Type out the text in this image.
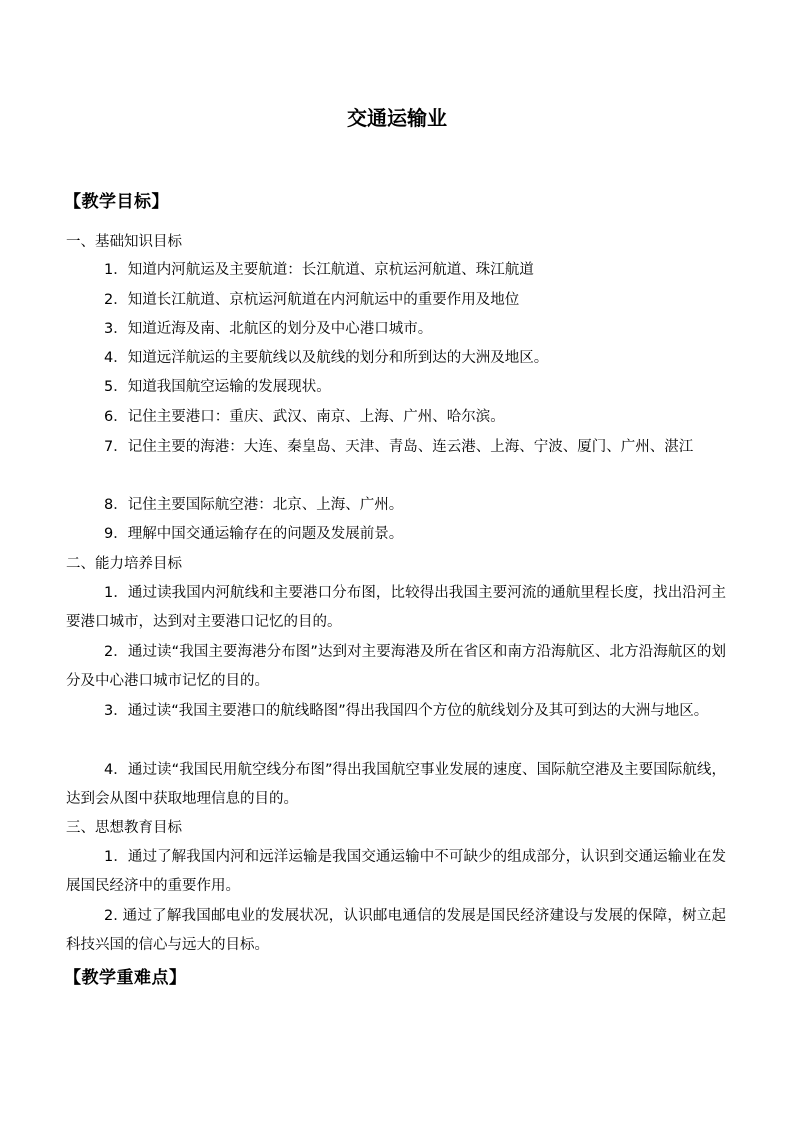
交通运输业
【教学目标】
一、基础知识目标
1．知道内河航运及主要航道：长江航道、京杭运河航道、珠江航道
2．知道长江航道、京杭运河航道在内河航运中的重要作用及地位
3．知道近海及南、北航区的划分及中心港口城市。
4．知道远洋航运的主要航线以及航线的划分和所到达的大洲及地区。
5．知道我国航空运输的发展现状。
6．记住主要港口：重庆、武汉、南京、上海、广州、哈尔滨。
7．记住主要的海港：大连、秦皇岛、天津、青岛、连云港、上海、宁波、厦门、广州、湛江
8．记住主要国际航空港：北京、上海、广州。
9．理解中国交通运输存在的问题及发展前景。
二、能力培养目标
1．通过读我国内河航线和主要港口分布图，比较得出我国主要河流的通航里程长度，找出沿河主要港口城市，达到对主要港口记忆的目的。
2．通过读“我国主要海港分布图”达到对主要海港及所在省区和南方沿海航区、北方沿海航区的划分及中心港口城市记忆的目的。
3．通过读“我国主要港口的航线略图”得出我国四个方位的航线划分及其可到达的大洲与地区。
4．通过读“我国民用航空线分布图”得出我国航空事业发展的速度、国际航空港及主要国际航线，达到会从图中获取地理信息的目的。
三、思想教育目标
1．通过了解我国内河和远洋运输是我国交通运输中不可缺少的组成部分，认识到交通运输业在发展国民经济中的重要作用。
2. 通过了解我国邮电业的发展状况，认识邮电通信的发展是国民经济建设与发展的保障，树立起科技兴国的信心与远大的目标。
【教学重难点】
